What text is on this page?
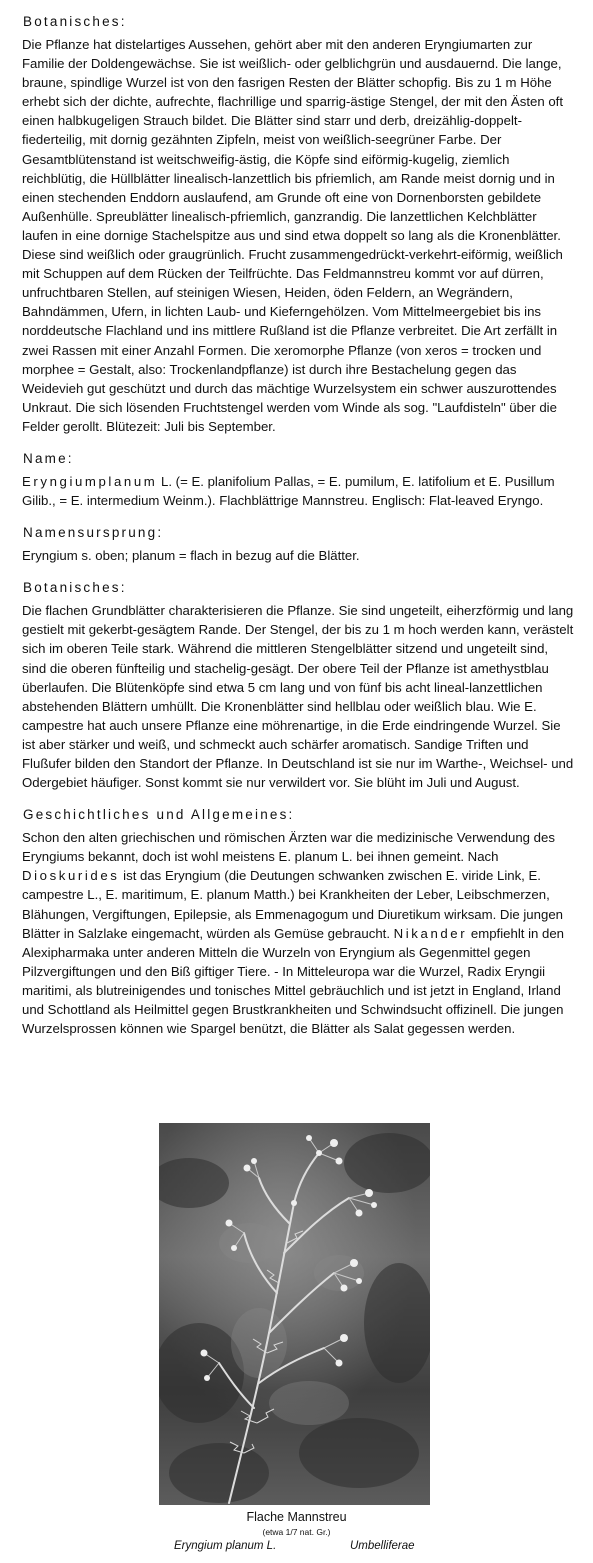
Botanisches:

Die Pflanze hat distelartiges Aussehen, gehört aber mit den anderen Eryngiumarten zur Familie der Doldengewächse. Sie ist weißlich- oder gelblichgrün und ausdauernd. Die lange, braune, spindlige Wurzel ist von den fasrigen Resten der Blätter schopfig. Bis zu 1 m Höhe erhebt sich der dichte, aufrechte, flachrillige und sparrig-ästige Stengel, der mit den Ästen oft einen halbkugeligen Strauch bildet. Die Blätter sind starr und derb, dreizählig-doppelt-fiederteilig, mit dornig gezähnten Zipfeln, meist von weißlich-seegrüner Farbe. Der Gesamtblütenstand ist weitschweifig-ästig, die Köpfe sind eiförmig-kugelig, ziemlich reichblütig, die Hüllblätter linealisch-lanzettlich bis pfriemlich, am Rande meist dornig und in einen stechenden Enddorn auslaufend, am Grunde oft eine von Dornenborsten gebildete Außenhülle. Spreublätter linealisch-pfriemlich, ganzrandig. Die lanzettlichen Kelchblätter laufen in eine dornige Stachelspitze aus und sind etwa doppelt so lang als die Kronenblätter. Diese sind weißlich oder graugrünlich. Frucht zusammengedrückt-verkehrt-eiförmig, weißlich mit Schuppen auf dem Rücken der Teilfrüchte. Das Feldmannstreu kommt vor auf dürren, unfruchtbaren Stellen, auf steinigen Wiesen, Heiden, öden Feldern, an Wegrändern, Bahndämmen, Ufern, in lichten Laub- und Kieferngehölzen. Vom Mittelmeergebiet bis ins norddeutsche Flachland und ins mittlere Rußland ist die Pflanze verbreitet. Die Art zerfällt in zwei Rassen mit einer Anzahl Formen. Die xeromorphe Pflanze (von xeros = trocken und morphee = Gestalt, also: Trockenlandpflanze) ist durch ihre Bestachelung gegen das Weidevieh gut geschützt und durch das mächtige Wurzelsystem ein schwer auszurottendes Unkraut. Die sich lösenden Fruchtstengel werden vom Winde als sog. "Laufdisteln" über die Felder gerollt. Blütezeit: Juli bis September.

Name:

Eryngiumplanum L. (= E. planifolium Pallas, = E. pumilum, E. latifolium et E. Pusillum Gilib., = E. intermedium Weinm.). Flachblättrige Mannstreu. Englisch: Flat-leaved Eryngo.

Namensursprung:

Eryngium s. oben; planum = flach in bezug auf die Blätter.

Botanisches:

Die flachen Grundblätter charakterisieren die Pflanze. Sie sind ungeteilt, eiherzförmig und lang gestielt mit gekerbt-gesägtem Rande. Der Stengel, der bis zu 1 m hoch werden kann, verästelt sich im oberen Teile stark. Während die mittleren Stengelblätter sitzend und ungeteilt sind, sind die oberen fünfteilig und stachelig-gesägt. Der obere Teil der Pflanze ist amethystblau überlaufen. Die Blütenköpfe sind etwa 5 cm lang und von fünf bis acht lineal-lanzettlichen abstehenden Blättern umhüllt. Die Kronenblätter sind hellblau oder weißlich blau. Wie E. campestre hat auch unsere Pflanze eine möhrenartige, in die Erde eindringende Wurzel. Sie ist aber stärker und weiß, und schmeckt auch schärfer aromatisch. Sandige Triften und Flußufer bilden den Standort der Pflanze. In Deutschland ist sie nur im Warthe-, Weichsel- und Odergebiet häufiger. Sonst kommt sie nur verwildert vor. Sie blüht im Juli und August.

Geschichtliches und Allgemeines:

Schon den alten griechischen und römischen Ärzten war die medizinische Verwendung des Eryngiums bekannt, doch ist wohl meistens E. planum L. bei ihnen gemeint. Nach Dioskurides ist das Eryngium (die Deutungen schwanken zwischen E. viride Link, E. campestre L., E. maritimum, E. planum Matth.) bei Krankheiten der Leber, Leibschmerzen, Blähungen, Vergiftungen, Epilepsie, als Emmenagogum und Diuretikum wirksam. Die jungen Blätter in Salzlake eingemacht, würden als Gemüse gebraucht. Nikander empfiehlt in den Alexipharmaka unter anderen Mitteln die Wurzeln von Eryngium als Gegenmittel gegen Pilzvergiftungen und den Biß giftiger Tiere. - In Mitteleuropa war die Wurzel, Radix Eryngii maritimi, als blutreinigendes und tonisches Mittel gebräuchlich und ist jetzt in England, Irland und Schottland als Heilmittel gegen Brustkrankheiten und Schwindsucht offizinell. Die jungen Wurzelsprossen können wie Spargel benützt, die Blätter als Salat gegessen werden.

Flache Mannstreu
(etwa 1/7 nat. Gr.)
Eryngium planum L.	Umbelliferae
